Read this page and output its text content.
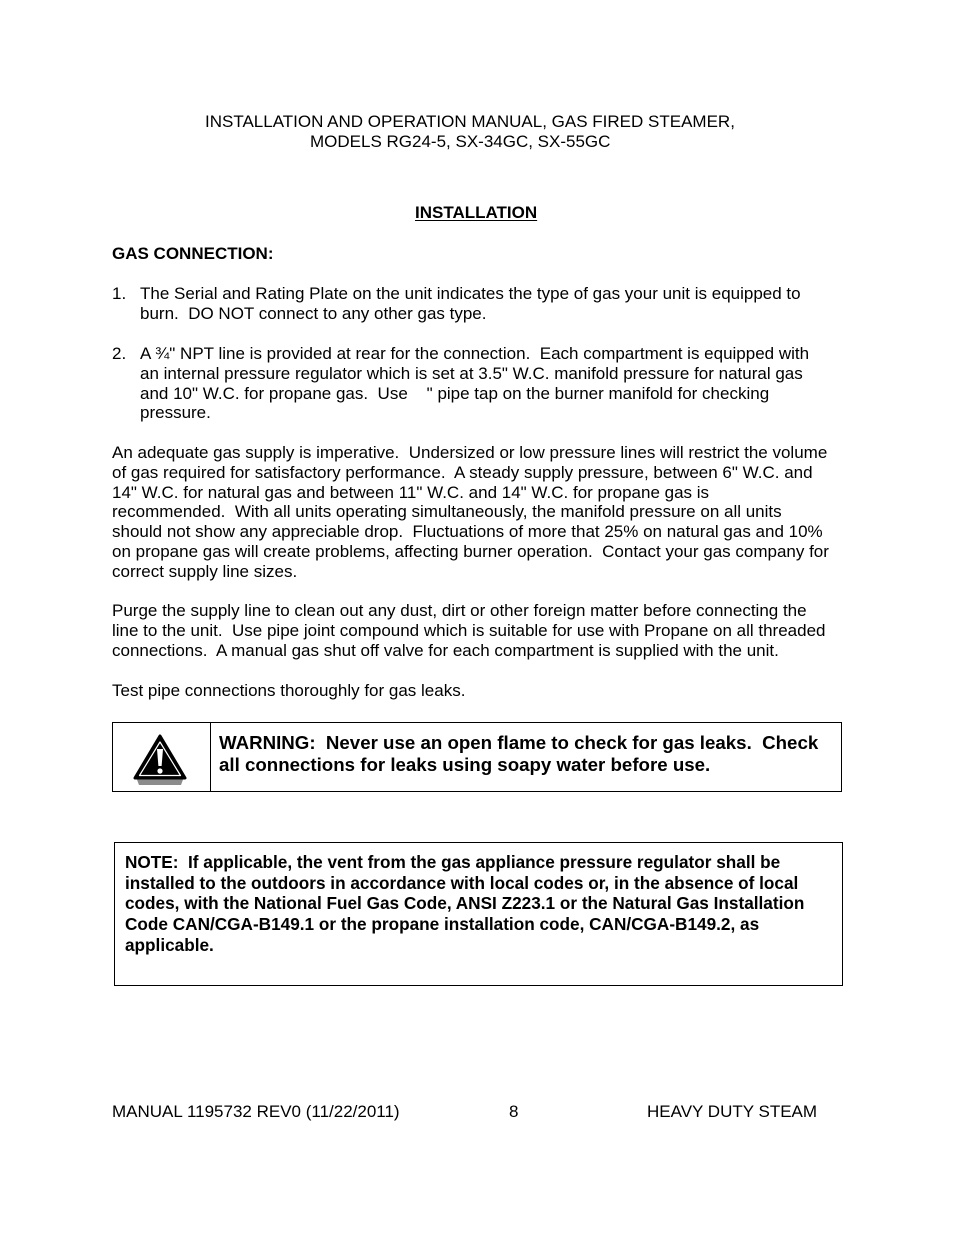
INSTALLATION AND OPERATION MANUAL, GAS FIRED STEAMER,
MODELS RG24-5, SX-34GC, SX-55GC
INSTALLATION
GAS CONNECTION:
1. The Serial and Rating Plate on the unit indicates the type of gas your unit is equipped to
burn.  DO NOT connect to any other gas type.
2. A ¾" NPT line is provided at rear for the connection.  Each compartment is equipped with
an internal pressure regulator which is set at 3.5" W.C. manifold pressure for natural gas
and 10" W.C. for propane gas.  Use    " pipe tap on the burner manifold for checking
pressure.
An adequate gas supply is imperative.  Undersized or low pressure lines will restrict the volume
of gas required for satisfactory performance.  A steady supply pressure, between 6" W.C. and
14" W.C. for natural gas and between 11" W.C. and 14" W.C. for propane gas is
recommended.  With all units operating simultaneously, the manifold pressure on all units
should not show any appreciable drop.  Fluctuations of more that 25% on natural gas and 10%
on propane gas will create problems, affecting burner operation.  Contact your gas company for
correct supply line sizes.
Purge the supply line to clean out any dust, dirt or other foreign matter before connecting the
line to the unit.  Use pipe joint compound which is suitable for use with Propane on all threaded
connections.  A manual gas shut off valve for each compartment is supplied with the unit.
Test pipe connections thoroughly for gas leaks.
WARNING:  Never use an open flame to check for gas leaks.  Check
all connections for leaks using soapy water before use.
NOTE:  If applicable, the vent from the gas appliance pressure regulator shall be
installed to the outdoors in accordance with local codes or, in the absence of local
codes, with the National Fuel Gas Code, ANSI Z223.1 or the Natural Gas Installation
Code CAN/CGA-B149.1 or the propane installation code, CAN/CGA-B149.2, as
applicable.
MANUAL 1195732 REV0 (11/22/2011)	8	HEAVY DUTY STEAM
